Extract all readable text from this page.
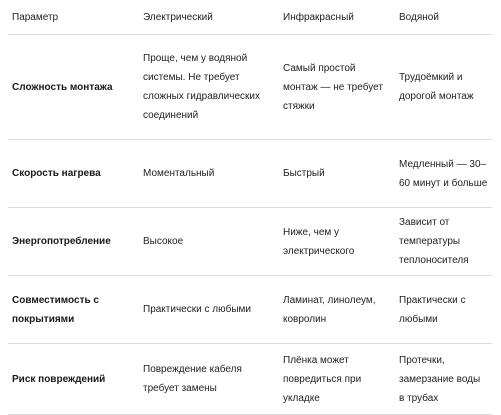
Параметр	Электрический	Инфракрасный	Водяной
Сложность монтажа	Проще, чем у водяной системы. Не требует сложных гидравлических соединений	Самый простой монтаж — не требует стяжки	Трудоёмкий и дорогой монтаж
Скорость нагрева	Моментальный	Быстрый	Медленный — 30–60 минут и больше
Энергопотребление	Высокое	Ниже, чем у электрического	Зависит от температуры теплоносителя
Совместимость с покрытиями	Практически с любыми	Ламинат, линолеум, ковролин	Практически с любыми
Риск повреждений	Повреждение кабеля требует замены	Плёнка может повредиться при укладке	Протечки, замерзание воды в трубах
